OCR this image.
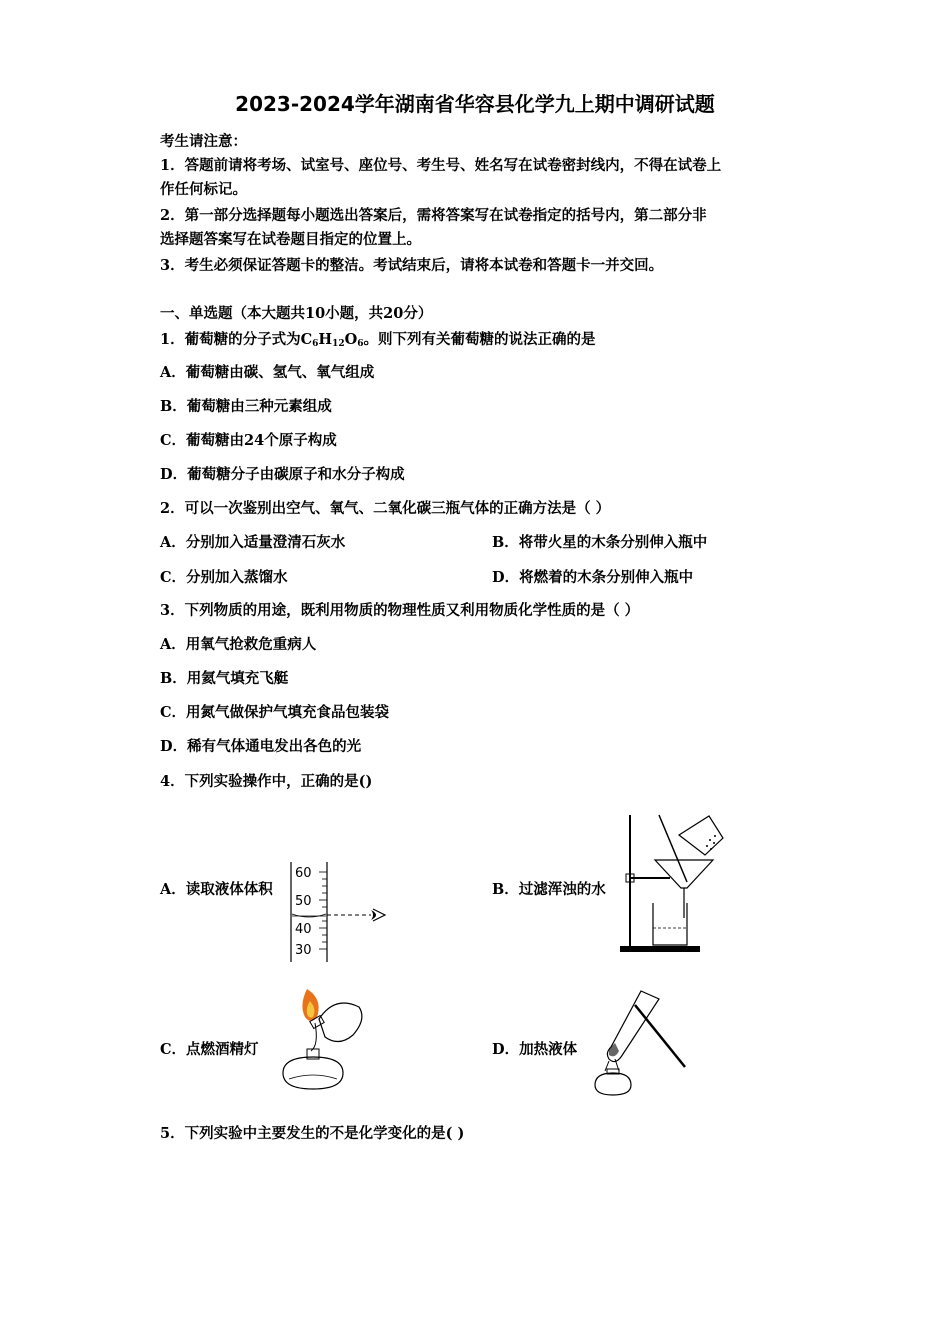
2023-2024学年湖南省华容县化学九上期中调研试题
考生请注意：
1．答题前请将考场、试室号、座位号、考生号、姓名写在试卷密封线内，不得在试卷上
作任何标记。
2．第一部分选择题每小题选出答案后，需将答案写在试卷指定的括号内，第二部分非
选择题答案写在试卷题目指定的位置上。
3．考生必须保证答题卡的整洁。考试结束后，请将本试卷和答题卡一并交回。
一、单选题（本大题共10小题，共20分）
1．葡萄糖的分子式为$C_6H_{12}O_6$。则下列有关葡萄糖的说法正确的是
A．葡萄糖由碳、氢气、氧气组成
B．葡萄糖由三种元素组成
C．葡萄糖由24个原子构成
D．葡萄糖分子由碳原子和水分子构成
2．可以一次鉴别出空气、氧气、二氧化碳三瓶气体的正确方法是（ ）
A．分别加入适量澄清石灰水	B．将带火星的木条分别伸入瓶中
C．分别加入蒸馏水	D．将燃着的木条分别伸入瓶中
3．下列物质的用途，既利用物质的物理性质又利用物质化学性质的是（ ）
A．用氧气抢救危重病人
B．用氦气填充飞艇
C．用氮气做保护气填充食品包装袋
D．稀有气体通电发出各色的光
4．下列实验操作中，正确的是()
A．读取液体体积	B．过滤浑浊的水
C．点燃酒精灯	D．加热液体
5．下列实验中主要发生的不是化学变化的是( )
60
50
40
30
